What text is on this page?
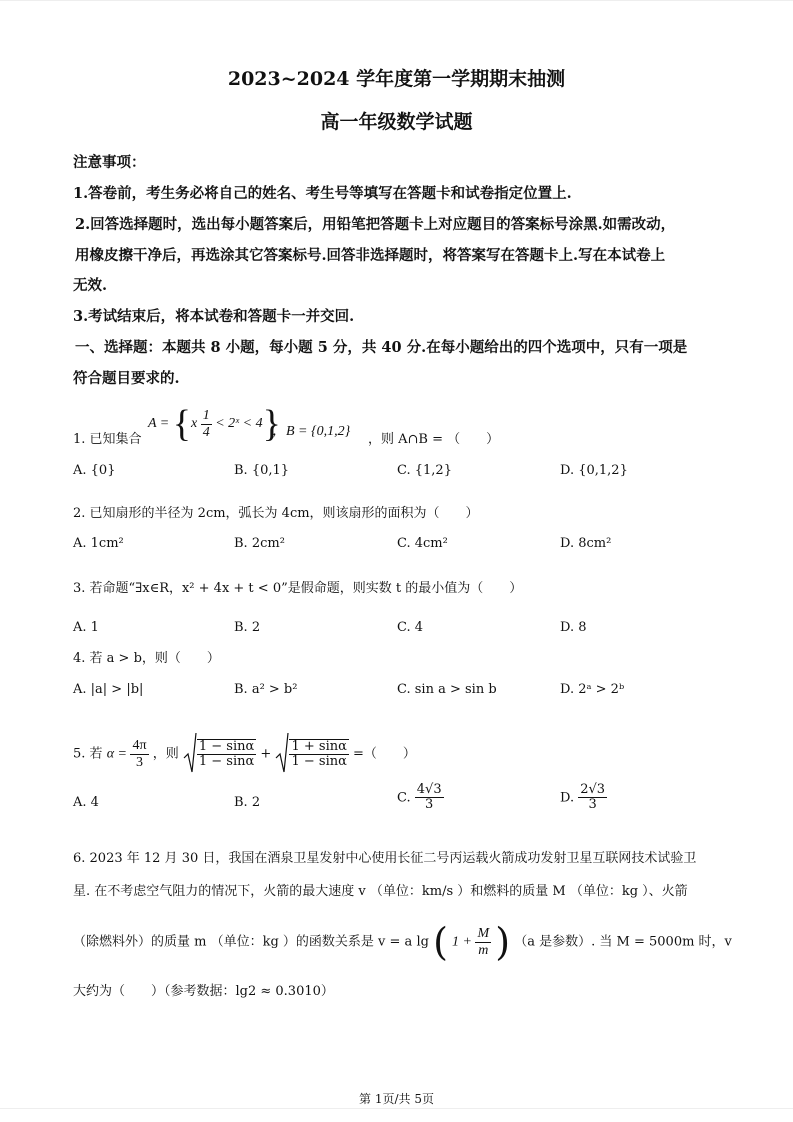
2023~2024 学年度第一学期期末抽测
高一年级数学试题
注意事项：
1.答卷前，考生务必将自己的姓名、考生号等填写在答题卡和试卷指定位置上.
2.回答选择题时，选出每小题答案后，用铅笔把答题卡上对应题目的答案标号涂黑.如需改动，
用橡皮擦干净后，再选涂其它答案标号.回答非选择题时，将答案写在答题卡上.写在本试卷上
无效.
3.考试结束后，将本试卷和答题卡一并交回.
一、选择题：本题共 8 小题，每小题 5 分，共 40 分.在每小题给出的四个选项中，只有一项是
符合题目要求的.
1. 已知集合
$A = \{x \frac{1}{4}$ < 2ˣ < 4}
，B = {0,1,2}
，则 A∩B = （　　）
A. {0}	B. {0,1}	C. {1,2}	D. {0,1,2}
2. 已知扇形的半径为 2cm，弧长为 4cm，则该扇形的面积为（　　）
A. 1cm²	B. 2cm²	C. 4cm²	D. 8cm²
3. 若命题“∃x∈R，x² + 4x + t < 0”是假命题，则实数 t 的最小值为（　　）
A. 1	B. 2	C. 4	D. 8
4. 若 a > b，则（　　）
A. |a| > |b|	B. a² > b²	C. sin a > sin b	D. 2ᵃ > 2ᵇ
5. 若 $\alpha = \frac{4\pi}{3}$ ，则 $\frac{1 - \sin\alpha}{1 - \sin\alpha} + \frac{1 + \sin\alpha}{1 - \sin\alpha}$ =（　　）
A. 4	B. 2	C. $\frac{4√3}{3}$	D. $\frac{2√3}{3}$
6. 2023 年 12 月 30 日，我国在酒泉卫星发射中心使用长征二号丙运载火箭成功发射卫星互联网技术试验卫
星. 在不考虑空气阻力的情况下，火箭的最大速度 v （单位：km/s ）和燃料的质量 M （单位：kg ）、火箭
（除燃料外）的质量 m （单位：kg ）的函数关系是 v = a lg ( $1 + \frac{M}{m}$ ) （a 是参数）. 当 M = 5000m 时，v
大约为（　　）（参考数据：lg2 ≈ 0.3010）
第 1页/共 5页
